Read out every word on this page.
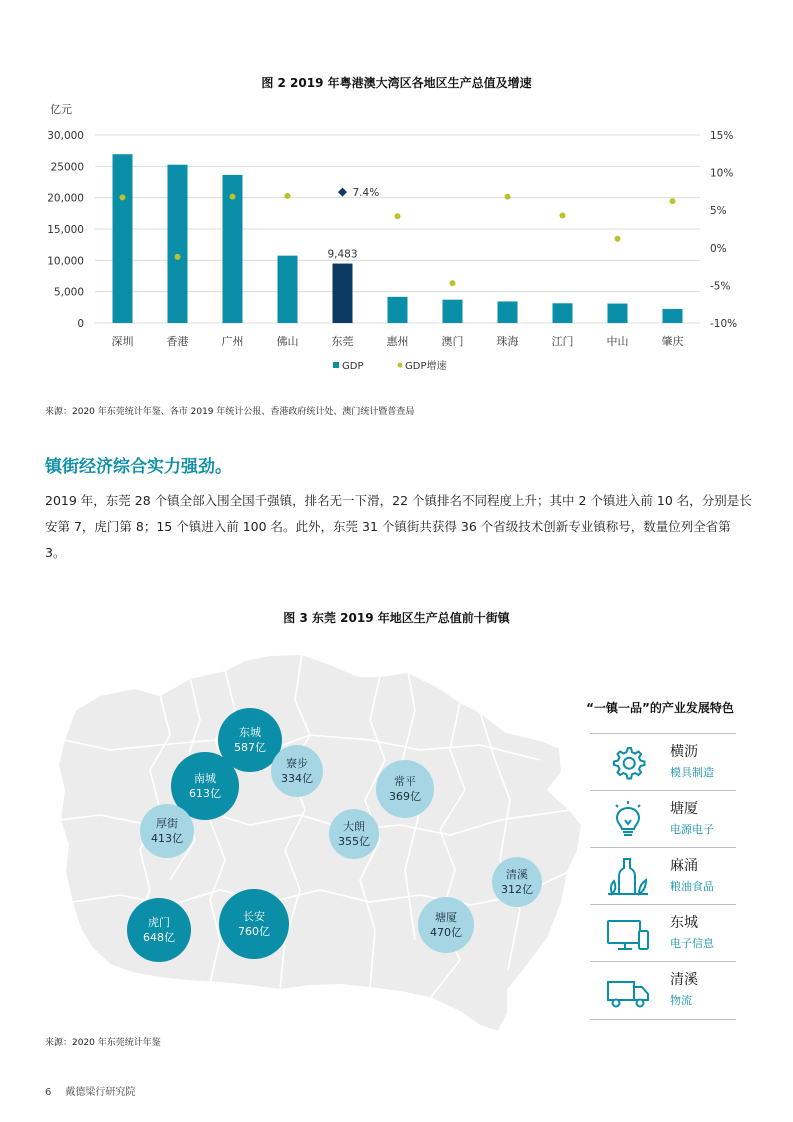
图 2 2019 年粤港澳大湾区各地区生产总值及增速
亿元
30,000
25000
20,000
15,000
10,000
5,000
0
15%
10%
5%
0%
-5%
-10%
9,483
7.4%
深圳	香港	广州	佛山	东莞	惠州	澳门	珠海	江门	中山	肇庆
GDP	GDP增速
来源：2020 年东莞统计年鉴、各市 2019 年统计公报、香港政府统计处、澳门统计暨普查局
镇街经济综合实力强劲。
2019 年，东莞 28 个镇全部入围全国千强镇，排名无一下滑，22 个镇排名不同程度上升；其中 2 个镇进入前 10 名，分别是长安第 7，虎门第 8；15 个镇进入前 100 名。此外，东莞 31 个镇街共获得 36 个省级技术创新专业镇称号，数量位列全省第 3。
图 3 东莞 2019 年地区生产总值前十街镇
东城
587亿
寮步
334亿
南城
613亿
常平
369亿
厚街
413亿
大朗
355亿
清溪
312亿
虎门
648亿
长安
760亿
塘厦
470亿
“一镇一品”的产业发展特色
横沥
模具制造
塘厦
电源电子
麻涌
粮油食品
东城
电子信息
清溪
物流
来源：2020 年东莞统计年鉴
6 戴德梁行研究院
